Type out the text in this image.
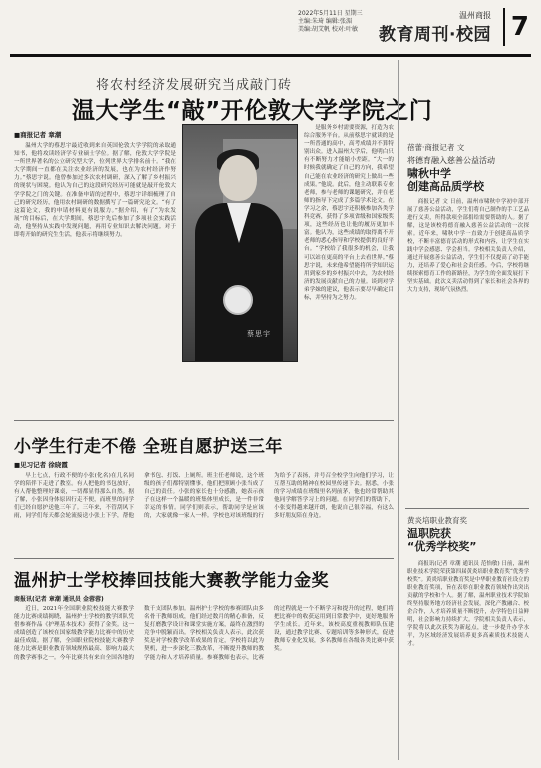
2022年5月11日 星期三
主编:朱琦 编辑:张湄
美编:胡艾帆 校对:叶敏
温州商报
教育周刊·校园 7
将农村经济发展研究当成敲门砖
温大学生“敲”开伦敦大学学院之门
■商报记者 章潮

温州大学的蔡思宇最近收到来自英国伦敦大学学院的录取通知书，他将攻读经济学专业硕士学位。据了解，伦敦大学学院是一所世界著名的公立研究型大学，位列世界大学排名前十。“我在大学期间一直都在关注农业经济的发展，也在为农村经济作努力。”蔡思宇说。他曾参加过多次农村调研，深入了解了乡村振兴的现状与困境。他认为自己的这段研究经历可能就是敲开伦敦大学学院之门的关键。在准备申请的过程中，蔡思宇详细梳理了自己的研究经历，他用农村调研的数据撰写了一篇研究论文。“有了这篇论文，我的申请材料更有说服力。”据介绍，有了“为农发展”的目标后，在大学期间，蔡思宇先后参加了多项社会实践活动，他坚持从实践中发现问题，再用专业知识去解决问题。对于即将开始的研究生生活，他表示将继续努力。

蔡思宇

是服务乡村需要资源，打造为农综合服务平台。从前蔡思宇就读的是一所普通的高中，高考成绩并不算特别出众。进入温州大学后，他明白只有不断努力才能缩小差距。“大一的时候我就确定了自己的方向，我希望自己能在农业经济的研究上做出一些成果。”他说。此后，他主动联系专业老师，参与老师的课题研究，并在老师的指导下完成了多篇学术论文。在学习之余，蔡思宇还积极参加各类学科竞赛，获得了多项省级和国家级奖项，这些经历也让他的履历更加丰富。他认为，这些成绩的取得离不开老师的悉心指导和学校提供的良好平台。“学校给了我很多的机会，让我可以站在更高的平台上去看世界。”蔡思宇说，未来他希望能将所学知识运用到家乡的乡村振兴中去，为农村经济的发展贡献自己的力量。谈到对学弟学妹的建议，他表示要尽早确定目标，并坚持为之努力。

小学生行走不倦 全班自愿护送三年
■见习记者 徐晓霞

早上七点，行政不便的小张(化名)在几名同学的陪伴下走进了教室。有人把他的书包放好，有人帮他整理好课桌，一切都显得那么自然。据了解，小张因身体原因行走不便，而班里的同学们已经自愿护送他三年了。三年来，不管刮风下雨，同学们每天都会轮流接送小张上下学，帮他拿书包、打饭、上厕所。班主任老师说，这个班级的孩子们都特别懂事，他们把照顾小张当成了自己的责任。小张的家长也十分感激，她表示孩子在这样一个温暖的班集体里成长，是一件非常幸运的事情。同学们则表示，帮助同学是应该的，大家就像一家人一样。学校也对该班级的行为给予了表扬，并号召全校学生向他们学习，让互帮互助的精神在校园里传递下去。据悉，小张的学习成绩在班级里名列前茅，他也经常帮助其他同学解答学习上的问题。在同学们的帮助下，小张变得越来越开朗，他说自己很幸福，有这么多好朋友陪在身边。

温州护士学校捧回技能大赛教学能力金奖
商报讯(记者 章潮 通讯员 金蓉蓉)

近日，2021年全国职业院校技能大赛教学能力比赛成绩揭晓，温州护士学校的教学团队凭借参赛作品《护理基本技术》获得了金奖。这一成绩创造了该校在国家级教学能力比赛中的历史最佳成绩。据了解，全国职业院校技能大赛教学能力比赛是职业教育领域规格最高、影响力最大的教学赛事之一。今年比赛共有来自全国各地的数千支团队参加。温州护士学校的参赛团队由多名骨干教师组成，他们经过数月的精心准备，反复打磨教学设计和课堂实施方案，最终在激烈的竞争中脱颖而出。学校相关负责人表示，此次获奖是对学校教学改革成果的肯定，学校将以此为契机，进一步深化三教改革，不断提升教师的教学能力和人才培养质量。参赛教师也表示，比赛的过程就是一个不断学习和提升的过程，她们将把比赛中的收获运用到日常教学中，更好地服务学生成长。近年来，该校高度重视教师队伍建设，通过教学比赛、专题培训等多种形式，促进教师专业化发展，多名教师在各级各类比赛中获奖。

蓓蕾·商报记者 文
将德育融入慈善公益活动
啸秋中学
创建高品质学校

商报记者 文 日前，温州市啸秋中学初中部开展了慈善公益活动，学生们将自己制作的手工艺品进行义卖，所得款项全部捐给需要帮助的人。据了解，这是该校将德育融入慈善公益活动的一次探索。近年来，啸秋中学一直致力于创建高品质学校，不断丰富德育活动的形式和内容，让学生在实践中学会感恩、学会担当。学校相关负责人介绍，通过开展慈善公益活动，学生们不仅提高了动手能力，还培养了爱心和社会责任感。今后，学校将继续探索德育工作的新路径，为学生的全面发展打下坚实基础。此次义卖活动得到了家长和社会各界的大力支持，现场气氛热烈。

黄炎培职业教育奖
温职院获
“优秀学校奖”

商报讯(记者 章潮 通讯员 范怡敏) 日前，温州职业技术学院荣获第四届黄炎培职业教育奖“优秀学校奖”。黄炎培职业教育奖是中华职业教育社设立的职业教育奖项，旨在表彰在职业教育领域作出突出贡献的学校和个人。据了解，温州职业技术学院始终坚持服务地方经济社会发展，深化产教融合、校企合作，人才培养质量不断提升，办学特色日益鲜明，社会影响力持续扩大。学院相关负责人表示，学院将以此次获奖为新起点，进一步提升办学水平，为区域经济发展培养更多高素质技术技能人才。
